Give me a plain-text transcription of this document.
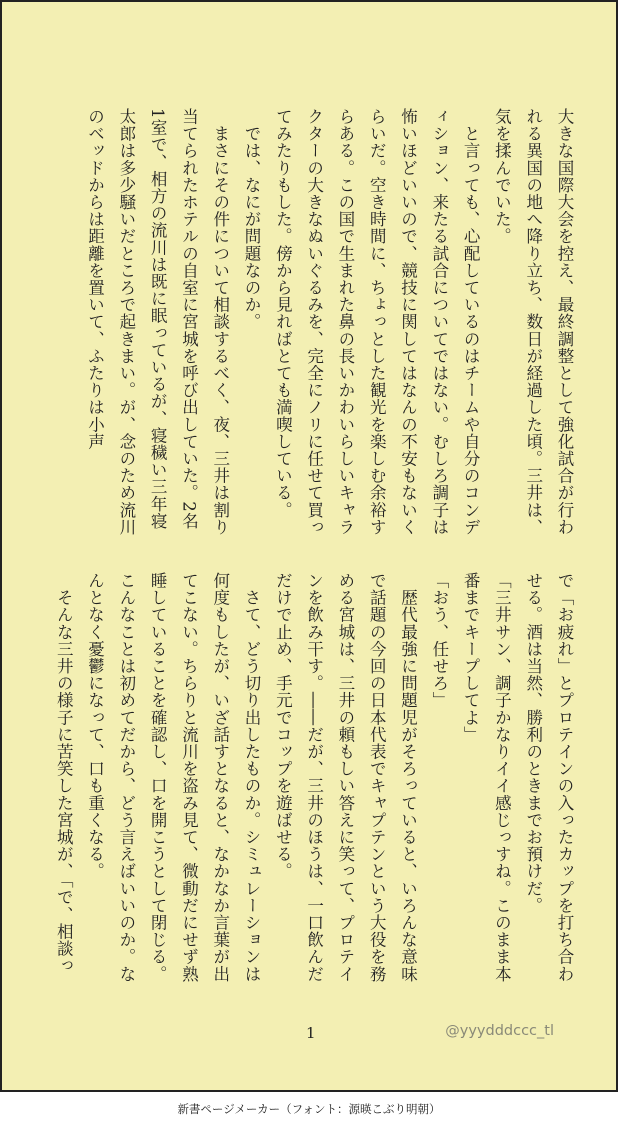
大きな国際大会を控え、最終調整として強化試合が行われる異国の地へ降り立ち、数日が経過した頃。三井は、気を揉んでいた。
　と言っても、心配しているのはチームや自分のコンディション、来たる試合についてではない。むしろ調子は怖いほどいいので、競技に関してはなんの不安もないくらいだ。空き時間に、ちょっとした観光を楽しむ余裕すらある。この国で生まれた鼻の長いかわいらしいキャラクターの大きなぬいぐるみを、完全にノリに任せて買ってみたりもした。傍から見ればとても満喫している。
　では、なにが問題なのか。
　まさにその件について相談するべく、夜、三井は割り当てられたホテルの自室に宮城を呼び出していた。2名1室で、相方の流川は既に眠っているが、寝穢い三年寝太郎は多少騒いだところで起きまい。が、念のため流川のベッドからは距離を置いて、ふたりは小声
で「お疲れ」とプロテインの入ったカップを打ち合わせる。酒は当然、勝利のときまでお預けだ。
「三井サン、調子かなりイイ感じっすね。このまま本番までキープしてよ」
「おう、任せろ」
　歴代最強に問題児がそろっていると、いろんな意味で話題の今回の日本代表でキャプテンという大役を務める宮城は、三井の頼もしい答えに笑って、プロテインを飲み干す。――だが、三井のほうは、一口飲んだだけで止め、手元でコップを遊ばせる。
　さて、どう切り出したものか。シミュレーションは何度もしたが、いざ話すとなると、なかなか言葉が出てこない。ちらりと流川を盗み見て、微動だにせず熟睡していることを確認し、口を開こうとして閉じる。こんなことは初めてだから、どう言えばいいのか。なんとなく憂鬱になって、口も重くなる。
　そんな三井の様子に苦笑した宮城が、「で、相談っ
1	@yyydddccc_tl
新書ページメーカー（フォント：源暎こぶり明朝）
